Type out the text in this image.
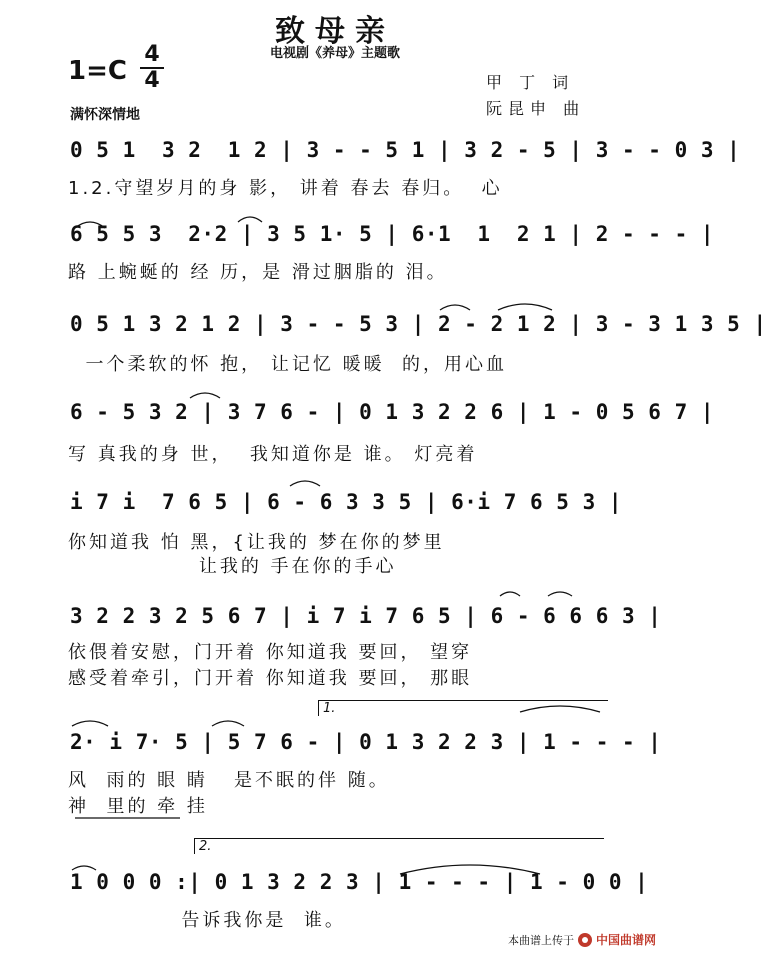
致母亲
电视剧《养母》主题歌
1=C
4
4	甲 丁 词
阮昆申 曲
满怀深情地
0 5 1  3 2  1 2 | 3 - - 5 1 | 3 2 - 5 | 3 - - 0 3 |
1.2.守望岁月的身 影， 讲着 春去 春归。  心
6 5 5 3  2·2 | 3 5 1· 5 | 6·1  1  2 1 | 2 - - - |
路 上蜿蜒的 经 历，是 滑过胭脂的 泪。
0 5 1 3 2 1 2 | 3 - - 5 3 | 2 - 2 1 2 | 3 - 3 1 3 5 |
一个柔软的怀 抱， 让记忆 暖暖  的，用心血
6 - 5 3 2 | 3 7 6 - | 0 1 3 2 2 6 | 1 - 0 5 6 7 |
写 真我的身 世，  我知道你是 谁。 灯亮着
i 7 i  7 6 5 | 6 - 6 3 3 5 | 6·i 7 6 5 3 |
你知道我 怕 黑，{让我的 梦在你的梦里
让我的 手在你的手心
3 2 2 3 2 5 6 7 | i 7 i 7 6 5 | 6 - 6 6 6 3 |
依偎着安慰，门开着 你知道我 要回， 望穿
感受着牵引，门开着 你知道我 要回， 那眼
1.
2· i 7· 5 | 5 7 6 - | 0 1 3 2 2 3 | 1 - - - |
风  雨的 眼 睛   是不眠的伴 随。
神  里的 牵 挂
2.
1 0 0 0 :| 0 1 3 2 2 3 | 1 - - - | 1 - 0 0 |
告诉我你是  谁。
本曲谱上传于 中国曲谱网
